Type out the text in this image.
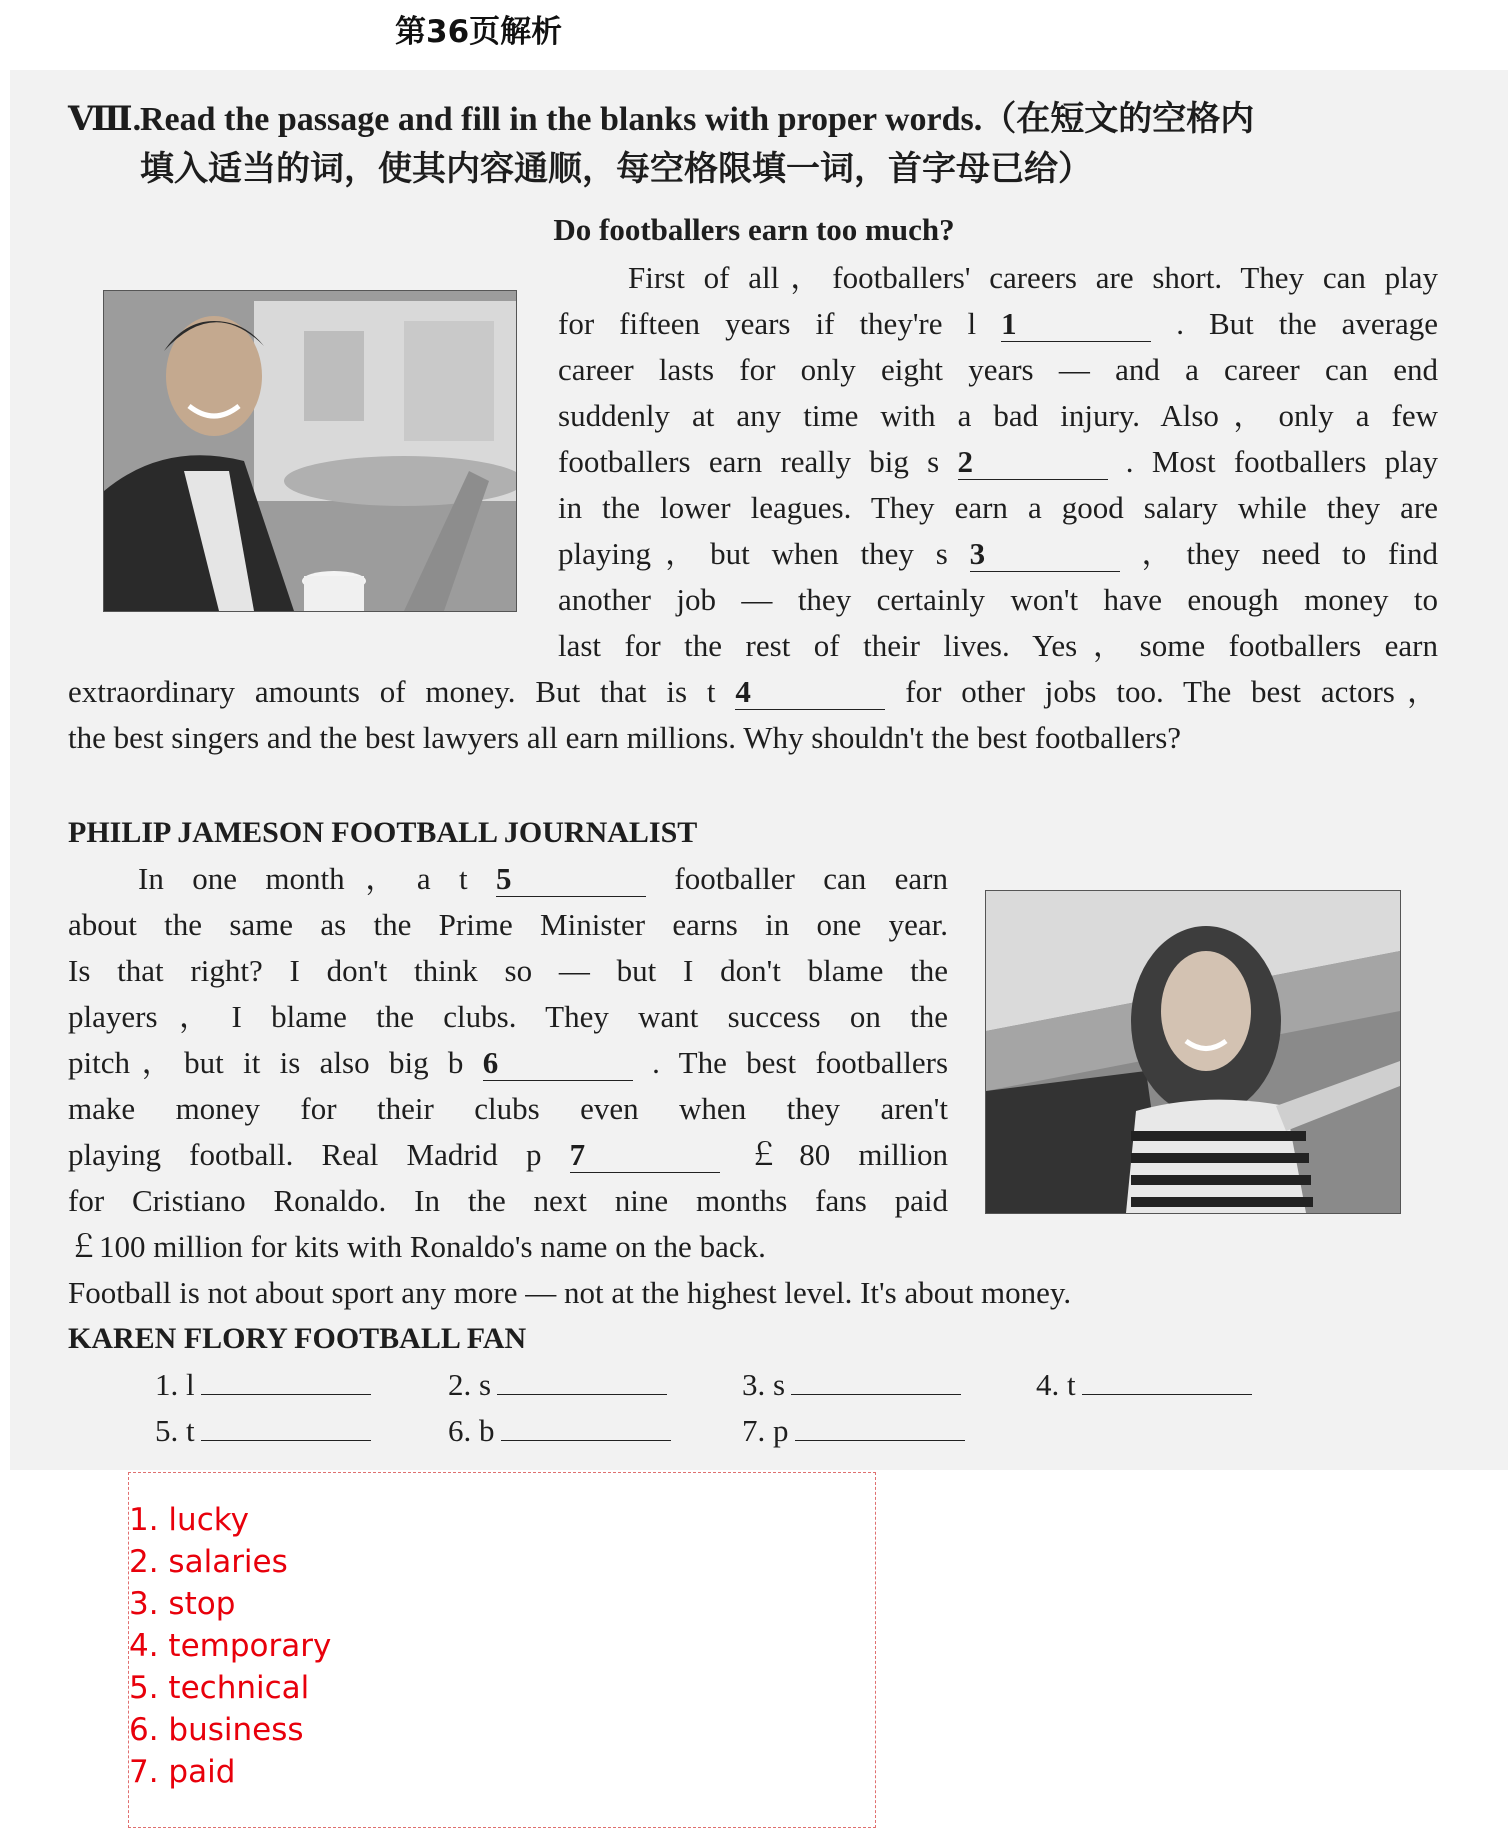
第36页解析
Ⅷ.Read the passage and fill in the blanks with proper words.（在短文的空格内
填入适当的词，使其内容通顺，每空格限填一词，首字母已给）
Do footballers earn too much?
First of all，footballers' careers are short. They can play
for fifteen years if they're l 1	. But the average
career lasts for only eight years — and a career can end
suddenly at any time with a bad injury. Also，only a few
footballers earn really big s 2	. Most footballers play
in the lower leagues. They earn a good salary while they are
playing，but when they s 3	，they need to find
another job — they certainly won't have enough money to
last for the rest of their lives. Yes，some footballers earn
extraordinary amounts of money. But that is t 4	for other jobs too. The best actors，
the best singers and the best lawyers all earn millions. Why shouldn't the best footballers?
PHILIP JAMESON FOOTBALL JOURNALIST
In one month，a t 5	footballer can earn
about the same as the Prime Minister earns in one year.
Is that right? I don't think so — but I don't blame the
players，I blame the clubs. They want success on the
pitch，but it is also big b 6	. The best footballers
make money for their clubs even when they aren't
playing football. Real Madrid p 7	￡80 million
for Cristiano Ronaldo. In the next nine months fans paid
￡100 million for kits with Ronaldo's name on the back.
Football is not about sport any more — not at the highest level. It's about money.
KAREN FLORY FOOTBALL FAN
1. l	2. s	3. s	4. t
5. t	6. b	7. p
1. lucky
2. salaries
3. stop
4. temporary
5. technical
6. business
7. paid
